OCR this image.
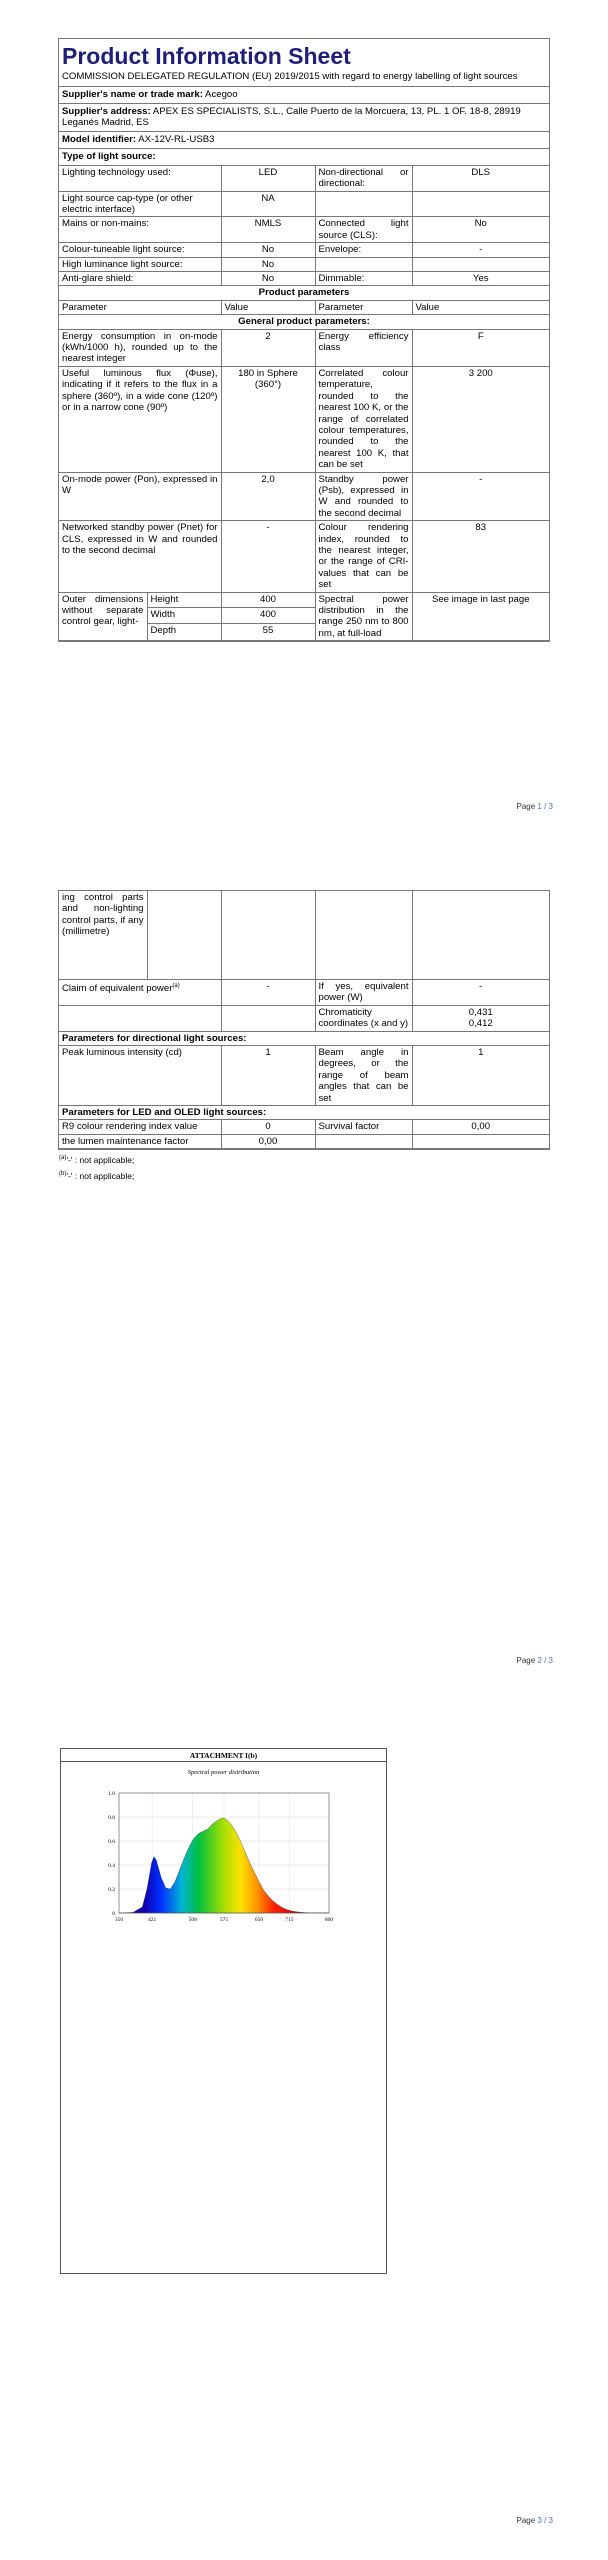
Product Information Sheet
COMMISSION DELEGATED REGULATION (EU) 2019/2015 with regard to energy labelling of light sources
Supplier's name or trade mark: Acegoo
Supplier's address: APEX ES SPECIALISTS, S.L., Calle Puerto de la Morcuera, 13, PL. 1 OF. 18-8, 28919 Leganés Madrid, ES
Model identifier: AX-12V-RL-USB3
Type of light source:
Lighting technology used:		LED	Non-directional or directional:	DLS
Light source cap-type (or other electric interface)		NA		
Mains or non-mains:		NMLS	Connected light source (CLS):	No
Colour-tuneable light source:		No	Envelope:	-
High luminance light source:		No		
Anti-glare shield:		No	Dimmable:	Yes
Product parameters				
Parameter		Value	Parameter	Value
General product parameters:				
Energy consumption in on-mode (kWh/1000 h), rounded up to the nearest integer		2	Energy efficiency class	F
Useful luminous flux (Φuse), indicating if it refers to the flux in a sphere (360º), in a wide cone (120º) or in a narrow cone (90º)		180 in Sphere (360°)	Correlated colour temperature, rounded to the nearest 100 K, or the range of correlated colour temperatures, rounded to the nearest 100 K, that can be set	3 200
On-mode power (Pon), expressed in W		2,0	Standby power (Psb), expressed in W and rounded to the second decimal	-
Networked standby power (Pnet) for CLS, expressed in W and rounded to the second decimal		-	Colour rendering index, rounded to the nearest integer, or the range of CRI-values that can be set	83
Outer dimensions without separate control gear, light-	Height	400	Spectral power distribution in the range 250 nm to 800 nm, at full-load	See image in last page
	Width	400		
	Depth	55		
Page 1 / 3
ing control parts and non-lighting control parts, if any (millimetre)				
Claim of equivalent power$^{(a)}$		-	If yes, equivalent power (W)	-
			Chromaticity coordinates (x and y)	0,431
0,412

Parameters for directional light sources:				
Peak luminous intensity (cd)		1	Beam angle in degrees, or the range of beam angles that can be set	1
Parameters for LED and OLED light sources:				
R9 colour rendering index value		0	Survival factor	0,00
the lumen maintenance factor		0,00		
$^{(a)}$'-' : not applicable;
$^{(b)}$'-' : not applicable;
Page 2 / 3
ATTACHMENT I(b)
Spectral power distribution
0
0.2
0.4
0.6
0.8
1.0
350	421	508	575	650	715	800
Page 3 / 3
